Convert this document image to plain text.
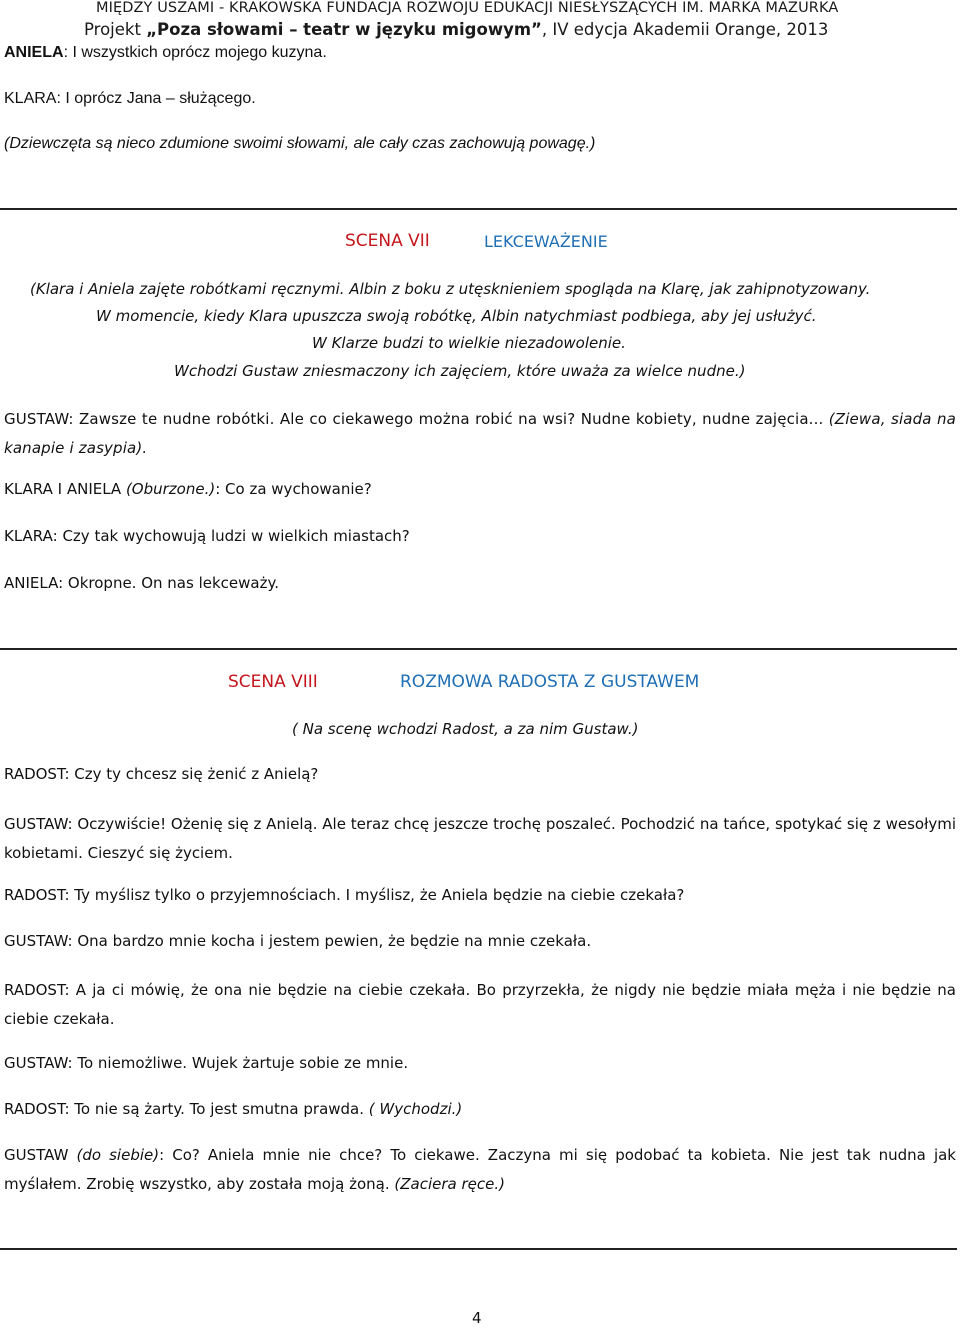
MIĘDZY USZAMI - KRAKOWSKA FUNDACJA ROZWOJU EDUKACJI NIESŁYSZĄCYCH IM. MARKA MAZURKA
Projekt „Poza słowami – teatr w języku migowym”, IV edycja Akademii Orange, 2013
ANIELA: I wszystkich oprócz mojego kuzyna.
KLARA: I oprócz Jana – służącego.
(Dziewczęta są nieco zdumione swoimi słowami, ale cały czas zachowują powagę.)
SCENA VII	LEKCEWAŻENIE
(Klara i Aniela zajęte robótkami ręcznymi. Albin z boku z utęsknieniem spogląda na Klarę, jak zahipnotyzowany.
W momencie, kiedy Klara upuszcza swoją robótkę, Albin natychmiast podbiega, aby jej usłużyć.
W Klarze budzi to wielkie niezadowolenie.
Wchodzi Gustaw zniesmaczony ich zajęciem, które uważa za wielce nudne.)
GUSTAW: Zawsze te nudne robótki. Ale co ciekawego można robić na wsi? Nudne kobiety, nudne zajęcia... (Ziewa, siada na kanapie i zasypia).
KLARA I ANIELA (Oburzone.): Co za wychowanie?
KLARA: Czy tak wychowują ludzi w wielkich miastach?
ANIELA: Okropne. On nas lekceważy.
SCENA VIII	ROZMOWA RADOSTA Z GUSTAWEM
( Na scenę wchodzi Radost, a za nim Gustaw.)
RADOST: Czy ty chcesz się żenić z Anielą?
GUSTAW: Oczywiście! Ożenię się z Anielą. Ale teraz chcę jeszcze trochę poszaleć. Pochodzić na tańce, spotykać się z wesołymi kobietami. Cieszyć się życiem.
RADOST: Ty myślisz tylko o przyjemnościach. I myślisz, że Aniela będzie na ciebie czekała?
GUSTAW: Ona bardzo mnie kocha i jestem pewien, że będzie na mnie czekała.
RADOST: A ja ci mówię, że ona nie będzie na ciebie czekała. Bo przyrzekła, że nigdy nie będzie miała męża i nie będzie na ciebie czekała.
GUSTAW: To niemożliwe. Wujek żartuje sobie ze mnie.
RADOST: To nie są żarty. To jest smutna prawda. ( Wychodzi.)
GUSTAW (do siebie): Co? Aniela mnie nie chce? To ciekawe. Zaczyna mi się podobać ta kobieta. Nie jest tak nudna jak myślałem. Zrobię wszystko, aby została moją żoną. (Zaciera ręce.)
4
